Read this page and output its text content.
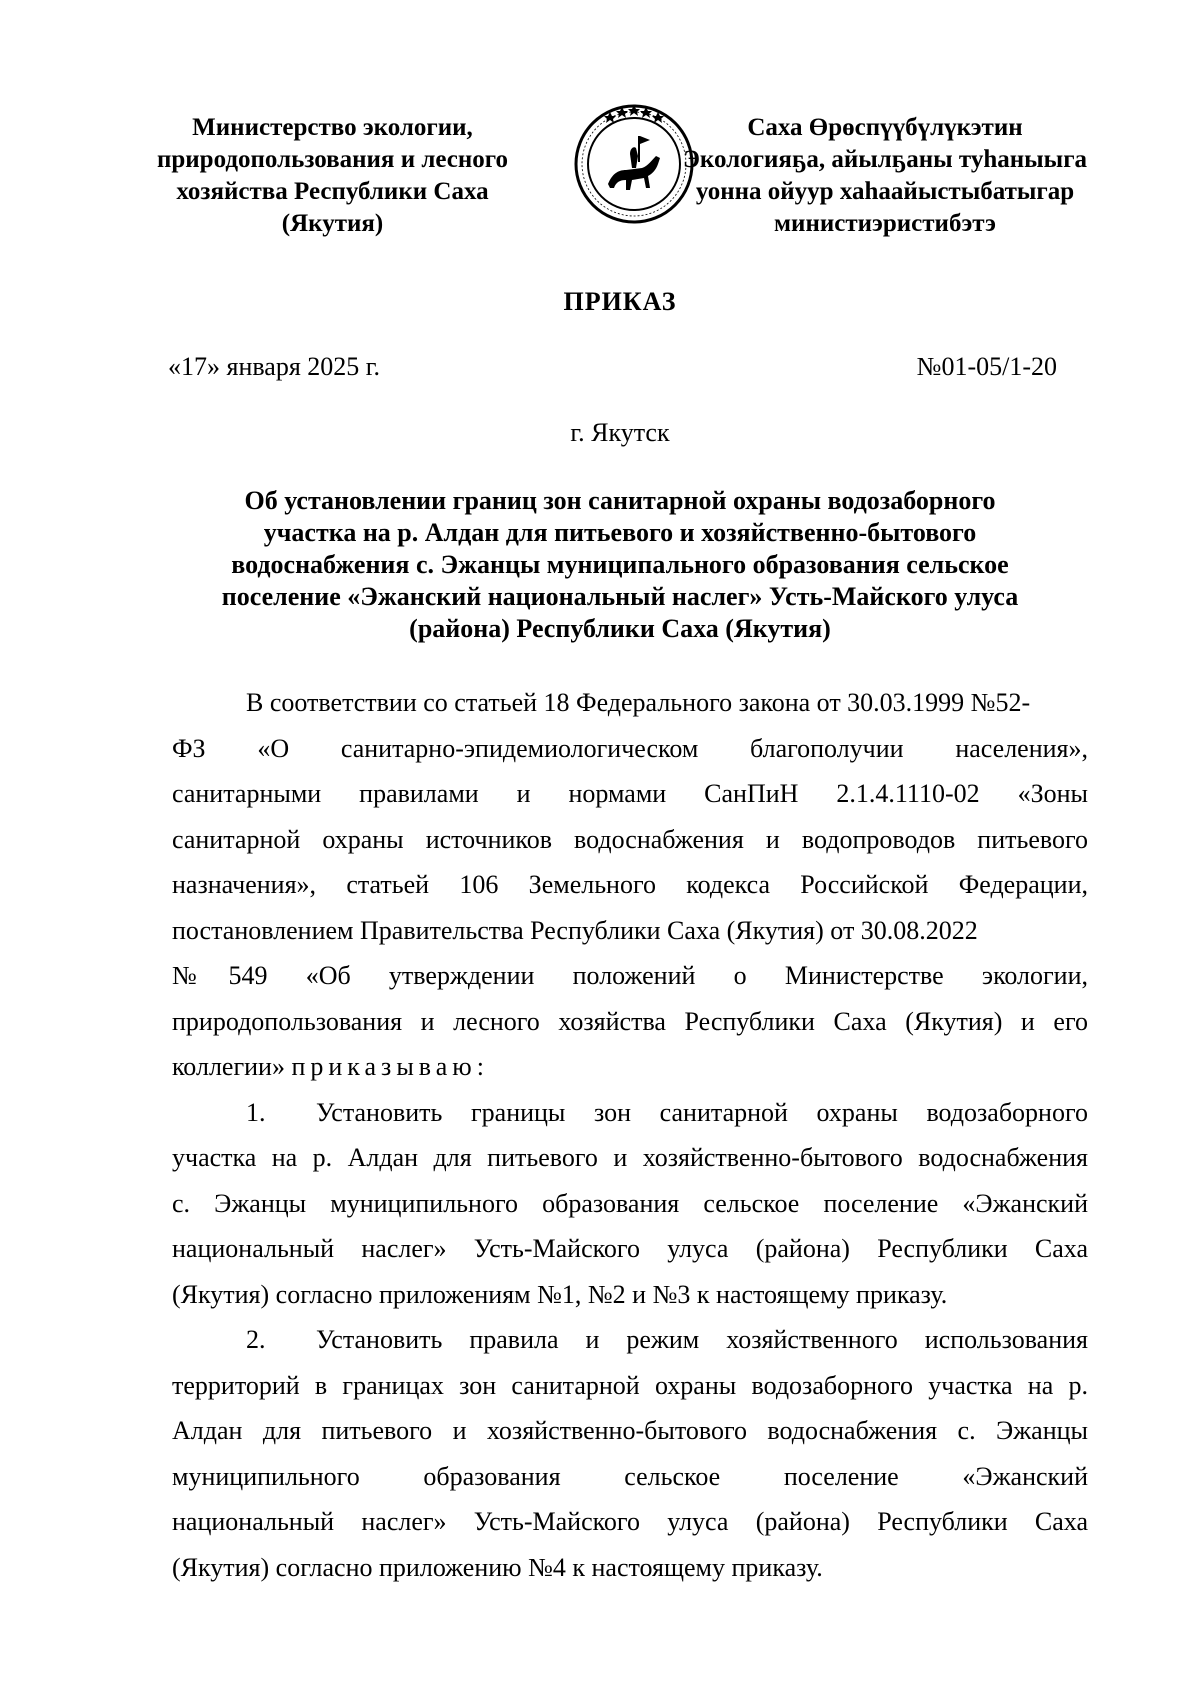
Министерство экологии,
природопользования и лесного
хозяйства Республики Саха
(Якутия)
Саха Өрөспүүбүлүкэтин
Экологияҕа, айылҕаны туһаныыга
уонна ойуур хаһаайыстыбатыгар
министиэристибэтэ
ПРИКАЗ
«17» января 2025 г.	№01-05/1-20
г. Якутск
Об установлении границ зон санитарной охраны водозаборного
участка на р. Алдан для питьевого и хозяйственно-бытового
водоснабжения с. Эжанцы муниципального образования сельское
поселение «Эжанский национальный наслег» Усть-Майского улуса
(района) Республики Саха (Якутия)
В соответствии со статьей 18 Федерального закона от 30.03.1999 №52-
ФЗ «О санитарно-эпидемиологическом благополучии населения»,
санитарными правилами и нормами СанПиН 2.1.4.1110-02 «Зоны
санитарной охраны источников водоснабжения и водопроводов питьевого
назначения», статьей 106 Земельного кодекса Российской Федерации,
постановлением Правительства Республики Саха (Якутия) от 30.08.2022
№549 «Об утверждении положений о Министерстве экологии,
природопользования и лесного хозяйства Республики Саха (Якутия) и его
коллегии» приказываю:
1. Установить границы зон санитарной охраны водозаборного
участка на р. Алдан для питьевого и хозяйственно-бытового водоснабжения
с. Эжанцы муниципильного образования сельское поселение «Эжанский
национальный наслег» Усть-Майского улуса (района) Республики Саха
(Якутия) согласно приложениям №1, №2 и №3 к настоящему приказу.
2. Установить правила и режим хозяйственного использования
территорий в границах зон санитарной охраны водозаборного участка на р.
Алдан для питьевого и хозяйственно-бытового водоснабжения с. Эжанцы
муниципильного образования сельское поселение «Эжанский
национальный наслег» Усть-Майского улуса (района) Республики Саха
(Якутия) согласно приложению №4 к настоящему приказу.
